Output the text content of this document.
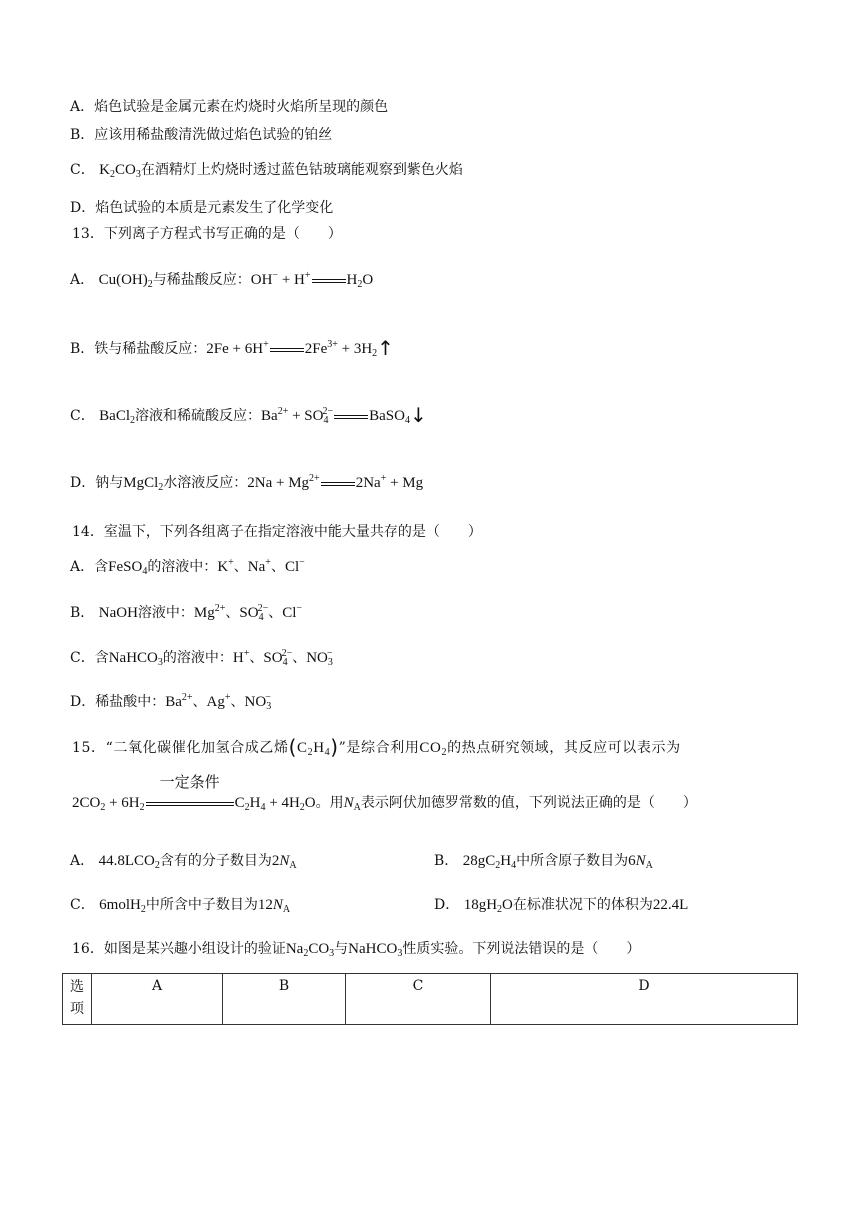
A．焰色试验是金属元素在灼烧时火焰所呈现的颜色
B．应该用稀盐酸清洗做过焰色试验的铂丝
C． $K_2CO_3$在酒精灯上灼烧时透过蓝色钴玻璃能观察到紫色火焰
D．焰色试验的本质是元素发生了化学变化
13．下列离子方程式书写正确的是（　　）
A． $Cu(OH)_2$与稀盐酸反应：OH− + H+ $H_2O$
B．铁与稀盐酸反应：2Fe + 6H+ $2Fe^{3+}$ + $3H_2↑$
C． BaCl$_2$溶液和稀硫酸反应：$Ba^{2+} + SO_4^{2-}$ BaSO$_4$↓
D．钠与MgCl$_2$水溶液反应：$2Na + Mg^{2+}$ 2Na+ + Mg
14．室温下，下列各组离子在指定溶液中能大量共存的是（　　）
A．含FeSO$_4$的溶液中：K+、Na+、Cl−
B． NaOH溶液中：$Mg^{2+}$、$SO_4^{2-}$、Cl−
C．含NaHCO$_3$的溶液中：H+、$SO_4^{2-}$、$NO_3^-$
D．稀盐酸中：$Ba^{2+}$、Ag+、$NO_3^-$
15．“二氧化碳催化加氢合成乙烯$(C_2H_4)$”是综合利用$CO_2$的热点研究领域，其反应可以表示为
$2CO_2 + 6H_2$
一定条件
$C_2H_4 + 4H_2O$。用$N_A$表示阿伏加德罗常数的值，下列说法正确的是（　　）
A． $44.8LCO_2$含有的分子数目为$2N_A$	B． $28gC_2H_4$中所含原子数目为$6N_A$
C． 6molH$_2$中所含中子数目为$12N_A$	D． $18gH_2O$在标准状况下的体积为22.4L
16．如图是某兴趣小组设计的验证$Na_2CO_3$与NaHCO$_3$性质实验。下列说法错误的是（　　）
选
项	A	B	C	D
